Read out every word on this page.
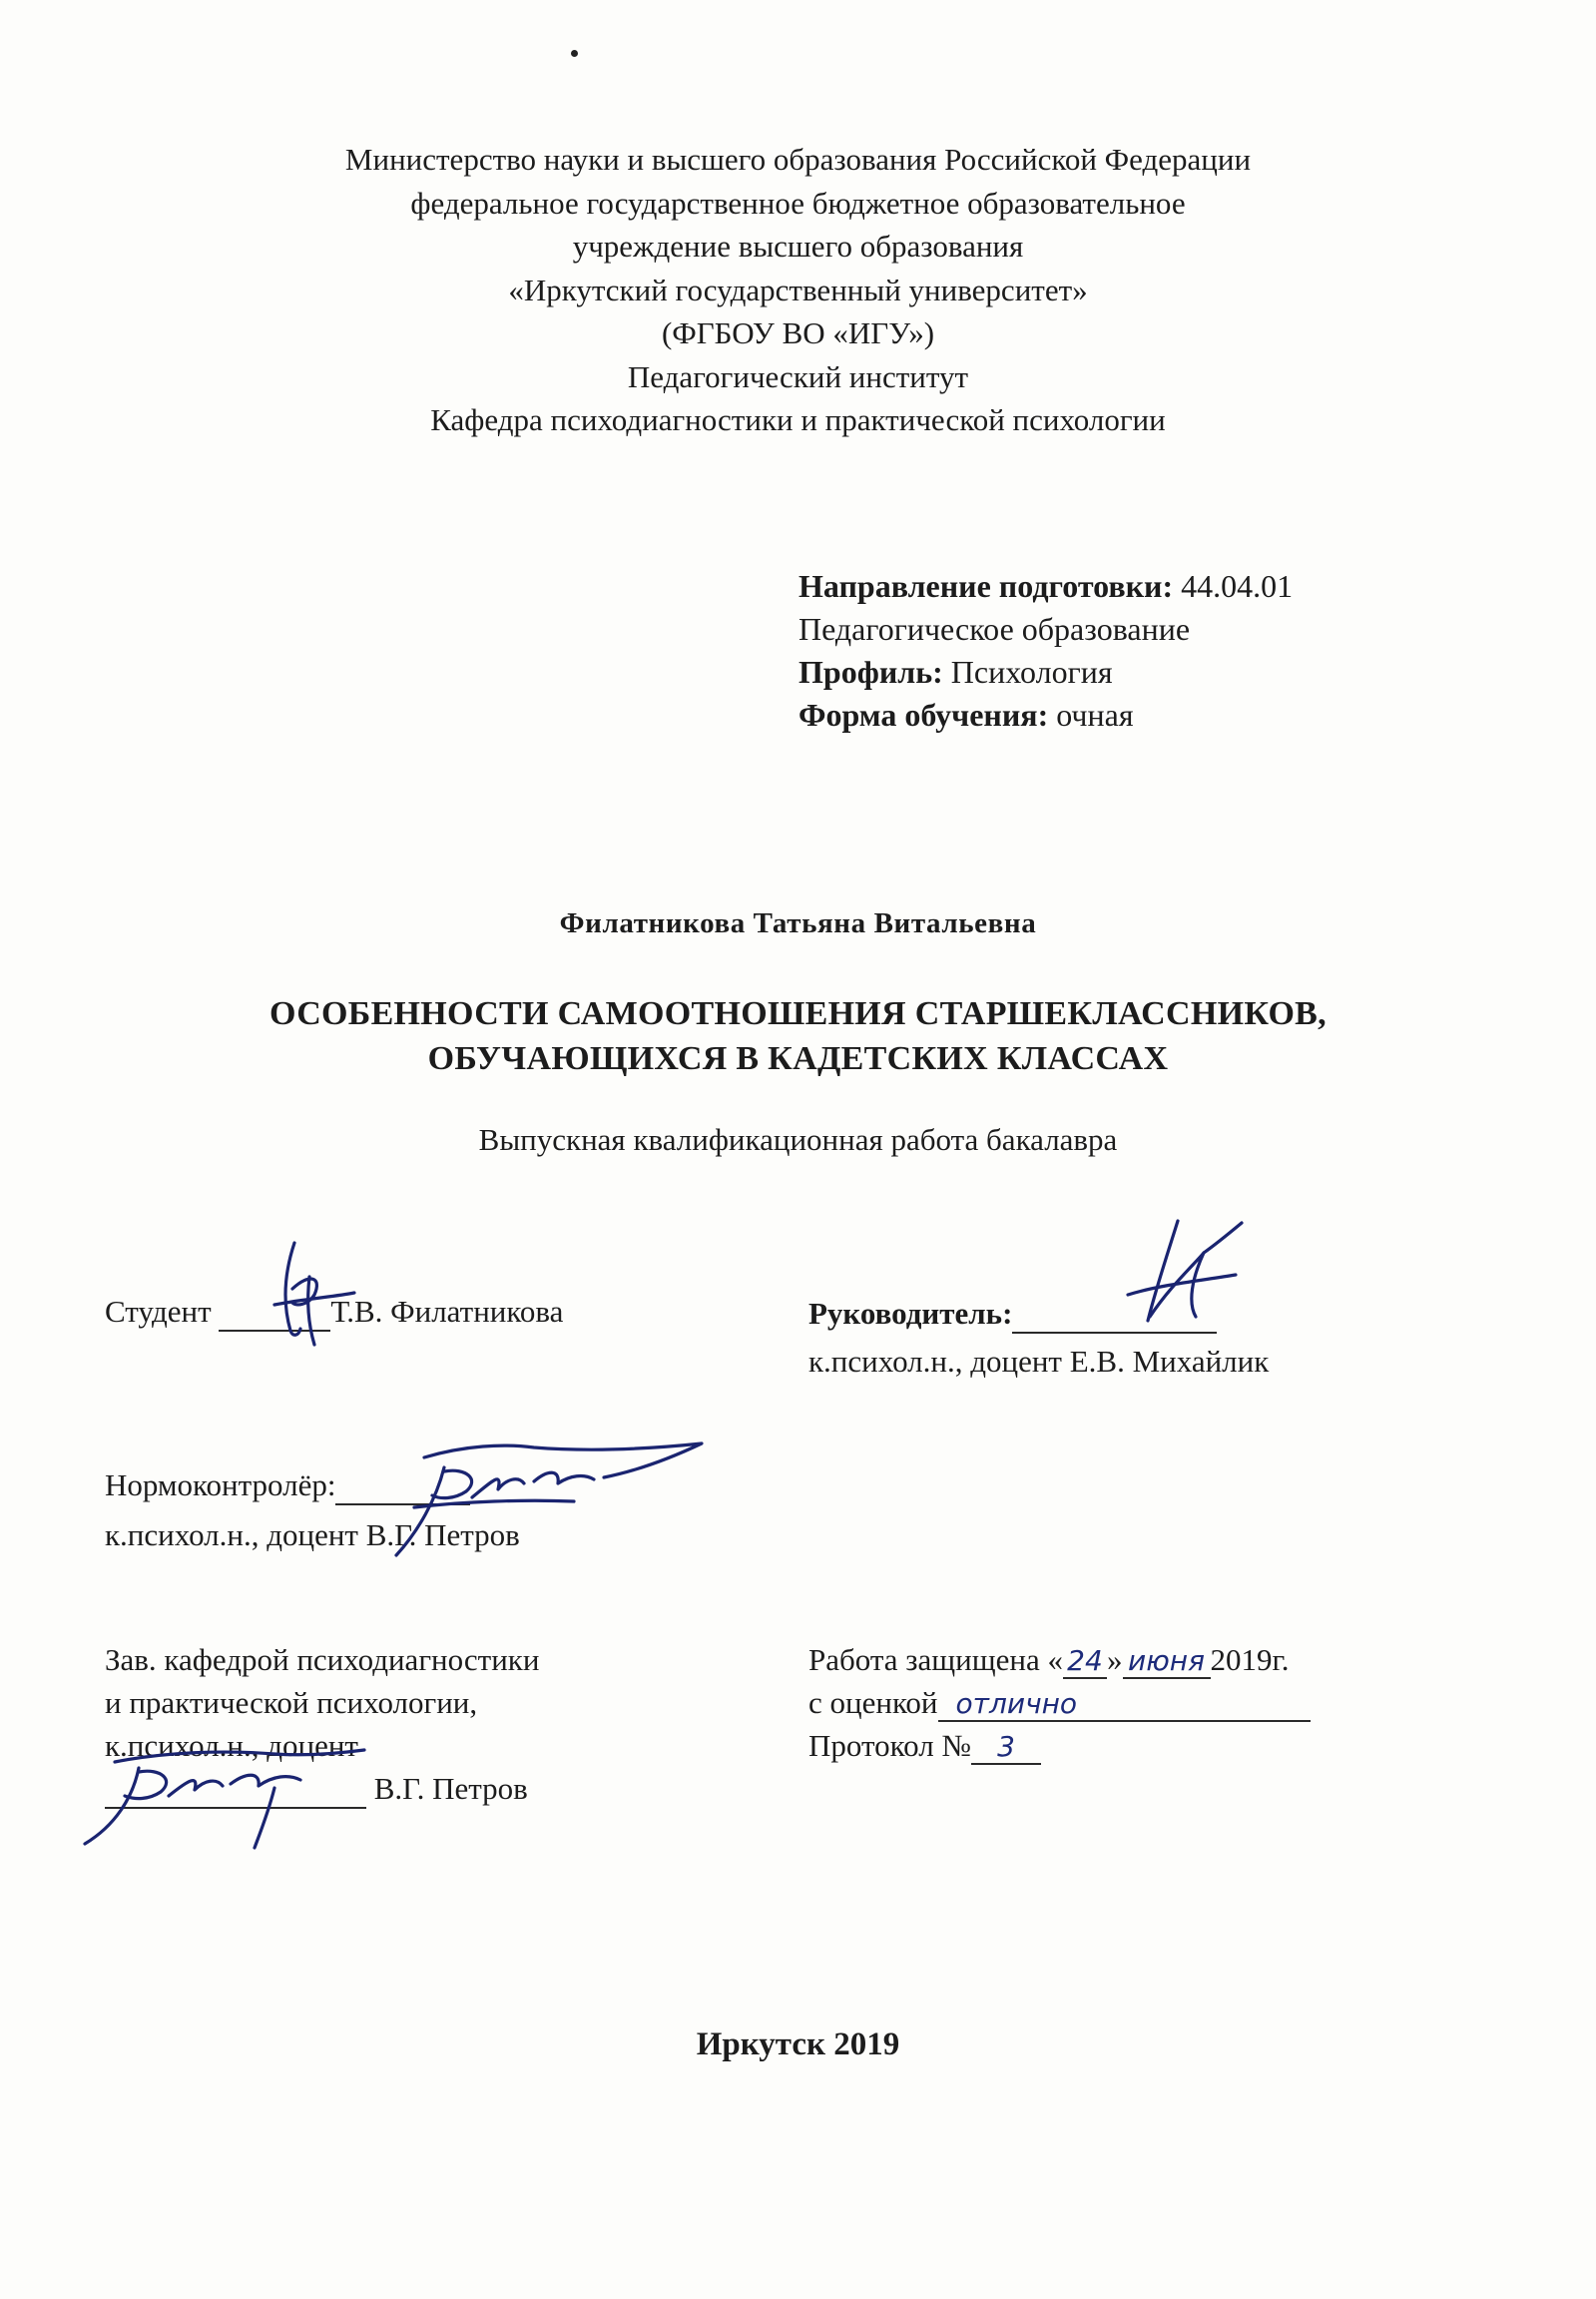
Министерство науки и высшего образования Российской Федерации
федеральное государственное бюджетное образовательное
учреждение высшего образования
«Иркутский государственный университет»
(ФГБОУ ВО «ИГУ»)
Педагогический институт
Кафедра психодиагностики и практической психологии
Направление подготовки: 44.04.01
Педагогическое образование
Профиль: Психология
Форма обучения: очная
Филатникова Татьяна Витальевна
ОСОБЕННОСТИ САМООТНОШЕНИЯ СТАРШЕКЛАССНИКОВ,
ОБУЧАЮЩИХСЯ В КАДЕТСКИХ КЛАССАХ
Выпускная квалификационная работа бакалавра
Студент	Т.В. Филатникова	Руководитель:
к.психол.н., доцент Е.В. Михайлик
Нормоконтролёр:
к.психол.н., доцент В.Г. Петров
Зав. кафедрой психодиагностики
и практической психологии,
к.психол.н., доцент
В.Г. Петров
Работа защищена « 24 » июня 2019г.
с оценкой отлично
Протокол № 3
Иркутск 2019
